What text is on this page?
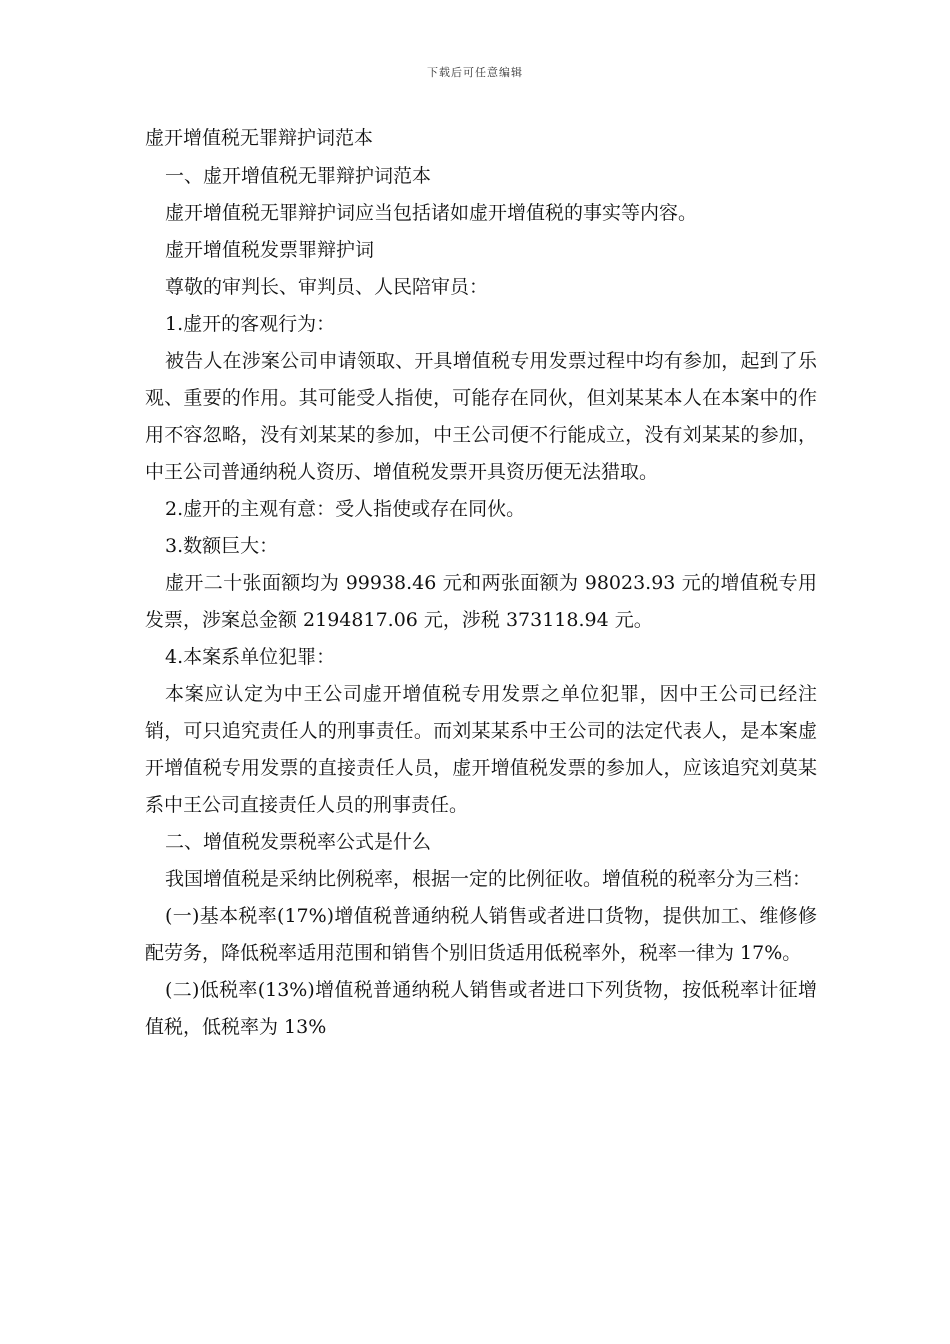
下载后可任意编辑
虚开增值税无罪辩护词范本

一、虚开增值税无罪辩护词范本

虚开增值税无罪辩护词应当包括诸如虚开增值税的事实等内容。

虚开增值税发票罪辩护词

尊敬的审判长、审判员、人民陪审员：

1.虚开的客观行为：

被告人在涉案公司申请领取、开具增值税专用发票过程中均有参加，起到了乐观、重要的作用。其可能受人指使，可能存在同伙，但刘某某本人在本案中的作用不容忽略，没有刘某某的参加，中王公司便不行能成立，没有刘某某的参加，中王公司普通纳税人资历、增值税发票开具资历便无法猎取。

2.虚开的主观有意：受人指使或存在同伙。

3.数额巨大：

虚开二十张面额均为 99938.46 元和两张面额为 98023.93 元的增值税专用发票，涉案总金额 2194817.06 元，涉税 373118.94 元。

4.本案系单位犯罪：

本案应认定为中王公司虚开增值税专用发票之单位犯罪，因中王公司已经注销，可只追究责任人的刑事责任。而刘某某系中王公司的法定代表人，是本案虚开增值税专用发票的直接责任人员，虚开增值税发票的参加人，应该追究刘莫某系中王公司直接责任人员的刑事责任。

二、增值税发票税率公式是什么

我国增值税是采纳比例税率，根据一定的比例征收。增值税的税率分为三档：

(一)基本税率(17%)增值税普通纳税人销售或者进口货物，提供加工、维修修配劳务，降低税率适用范围和销售个别旧货适用低税率外，税率一律为 17%。

(二)低税率(13%)增值税普通纳税人销售或者进口下列货物，按低税率计征增值税，低税率为 13%
